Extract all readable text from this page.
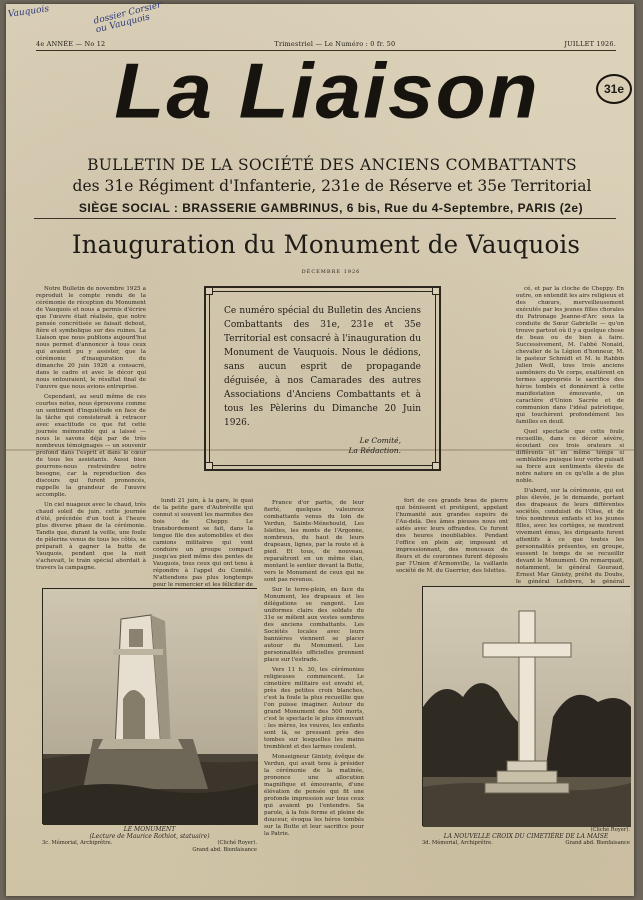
Vauquois	dossier Corsier ou Vauquois
4e ANNÉE — No 12	Trimestriel — Le Numéro : 0 fr. 50	JUILLET 1926.
La Liaison	31e
BULLETIN DE LA SOCIÉTÉ DES ANCIENS COMBATTANTS
des 31e Régiment d'Infanterie, 231e de Réserve et 35e Territorial
SIÈGE SOCIAL : BRASSERIE GAMBRINUS, 6 bis, Rue du 4-Septembre, PARIS (2e)
Inauguration du Monument de Vauquois
DÉCEMBRE 1926

Notre Bulletin de novembre 1925 a reproduit le compte rendu de la cérémonie de réception du Monument de Vauquois et nous a permis d'écrire que l'œuvre était réalisée, que notre pensée concrétisée se faisait debout, fière et symbolique sur des ruines. La Liaison que nous publions aujourd'hui nous permet d'annoncer à tous ceux qui avaient pu y assister, que la cérémonie d'inauguration du dimanche 20 juin 1926 a consacré, dans le cadre et avec le décor qui nous entouraient, le résultat final de l'œuvre que nous avions entreprise.

Cependant, au seuil même de ces courtes notes, nous éprouvons comme un sentiment d'inquiétude en face de la tâche qui consisterait à retracer avec exactitude ce que fut cette journée mémorable qui a laissé — nous le savons déjà par de très nombreux témoignages — un souvenir profond dans l'esprit et dans le cœur de tous les assistants. Aussi bien pourrons-nous restreindre notre besogne, car la reproduction des discours qui furent prononcés, rappelle la grandeur de l'œuvre accomplie.

Un ciel nuageux avec le chaud, très chaud soleil de juin, cette journée d'été, précédée d'un tout à l'heure plus diverse phase de la cérémonie. Tandis que, durant la veille, une foule de pèlerins venus de tous les côtés, se préparait à gagner la butte de Vauquois, pendant que la nuit s'achevait, le train spécial abordait à travers la campagne.

Ce numéro spécial du Bulletin des Anciens Combattants des 31e, 231e et 35e Territorial est consacré à l'inauguration du Monument de Vauquois. Nous le dédions, sans aucun esprit de propagande déguisée, à nos Camarades des autres Associations d'Anciens Combattants et à tous les Pèlerins du Dimanche 20 Juin 1926.
Le Comité,
La Rédaction.

cé, et par la cloche de Cheppy. En outre, on entendit les airs religieux et des chœurs, merveilleusement exécutés par les jeunes filles chorales du Patronage Jeanne-d'Arc sous la conduite de Sœur Gabrielle — qu'on trouve partout où il y a quelque chose de beau ou de bien à faire. Successivement, M. l'abbé Nonaid, chevalier de la Légion d'honneur, M. le pasteur Schmidt et M. le Rabbin Julien Weill, tous trois anciens aumôniers du Ve corps, exaltèrent en termes appropriés le sacrifice des héros tombés et donnèrent à cette manifestation émouvante, un caractère d'Union Sacrée et de communion dans l'idéal patriotique, qui touchèrent profondément les familles en deuil.

Quel spectacle que cette foule recueillie, dans ce décor sévère, écoutant ces trois orateurs si différents et en même temps si semblables puisque leur verbe puisait sa force aux sentiments élevés de notre nature en ce qu'elle a de plus noble.

D'abord, sur la cérémonie, qui est plus élevée, je le demande, portant des drapeaux de leurs différentes sociétés, conduisit de l'Oise, et de très nombreux enfants et les jeunes filles, avec les cortèges, se montrent vivement émus, les dirigeants furent attentifs à ce que toutes les personnalités présentes, en groupe, eussent le temps de se recueillir devant le Monument. On remarquait, notamment, le général Gouraud, Ernest Mar Ginisty, préfet du Doubs, le général Lefebvre, le général

lundi 21 juin, à la gare, le quai de la petite gare d'Aubréville qui connut si souvent les marmites des bois de Cheppy. Le transbordement se fait, dans la longue file des automobiles et des camions militaires qui vont conduire un groupe compact jusqu'au pied même des pentes de Vauquois, tous ceux qui ont tenu à répondre à l'appel du Comité. N'attendons pas plus longtemps pour le remercier et les féliciter de

France d'or partis, de leur fierté, quelques valeureux combattants venus du loin de Verdun, Sainte-Ménehould, Les Islettes, les monts de l'Argonne, nombreux, du haut de leurs drapeaux, lignes, par la route et à pied. Et tous, de nouveau, reparaîtront en un même élan, montant le sentier devant la Butte, vers le Monument de ceux qui ne sont pas revenus.

Sur le terre-plein, en face du Monument, les drapeaux et les délégations se rangent. Les uniformes clairs des soldats du 31e se mêlent aux vestes sombres des anciens combattants. Les Sociétés locales avec leurs bannières viennent se placer autour du Monument. Les personnalités officielles prennent place sur l'estrade.

Vers 11 h. 30, les cérémonies religieuses commencent. Le cimetière militaire est envahi et, près des petites croix blanches, c'est la foule la plus recueillie que l'on puisse imaginer. Autour du grand Monument des 500 morts, c'est le spectacle le plus émouvant : les mères, les veuves, les enfants sont là, se pressant près des tombes sur lesquelles les mains tremblent et des larmes coulent.

Monseigneur Ginisty, évêque de Verdun, qui avait tenu à présider la cérémonie de la matinée, prononce une allocution magnifique et émouvante, d'une élévation de pensée qui fit une profonde impression sur tous ceux qui avaient pu l'entendre. Sa parole, à la fois ferme et pleine de douceur, évoqua les héros tombés sur la Butte et leur sacrifice pour la Patrie.

fort de ces grands bras de pierre qui bénissent et protègent, appelant l'humanité aux grandes espoirs de l'Au-delà. Des âmes pieuses nous ont aidés avec leurs offrandes. Ce furent des heures inoubliables. Pendant l'office en plein air, imposant et impressionnant, des monceaux de fleurs et de couronnes furent déposés par l'Union d'Armonville, la vaillante société de M. du Guerrier, des Islettes.

LE MONUMENT
(Lecture de Maurice Rothiot, statuaire)
3c. Mémorial, Archiprêtre.	(Cliché Royer).
Grand abd. Bienfaisance
(Cliché Royer).
LA NOUVELLE CROIX DU CIMETIÈRE DE LA MAISE
3d. Mémorial, Archiprêtre.	Grand abd. Bienfaisance
